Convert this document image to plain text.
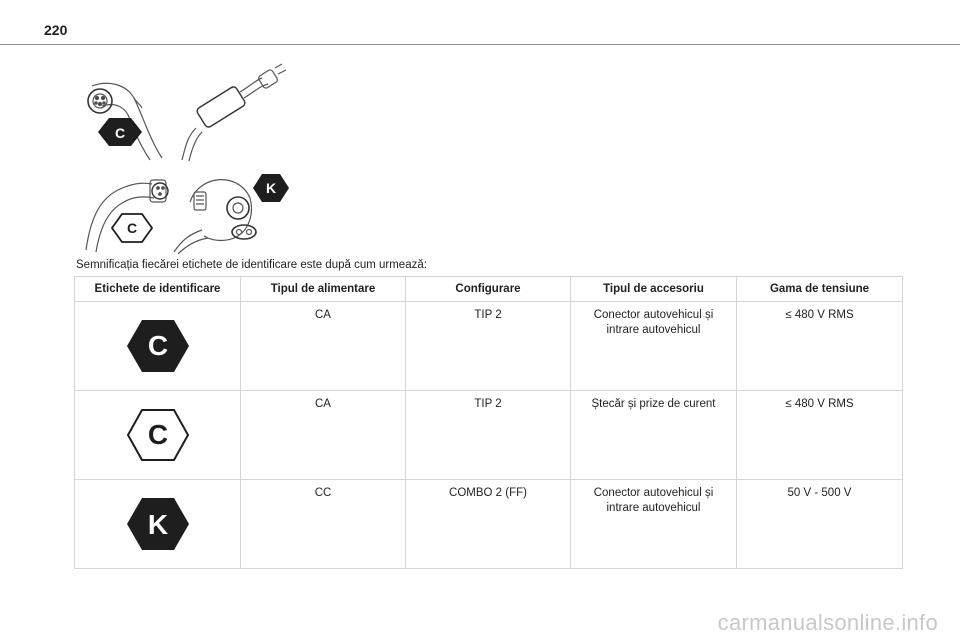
220
C
C
K
Semnificația fiecărei etichete de identificare este după cum urmează:
Etichete de identificare	Tipul de alimentare	Configurare	Tipul de accesoriu	Gama de tensiune

C	CA	TIP 2	Conector autovehicul și intrare autovehicul	≤ 480 V RMS

C	CA	TIP 2	Ștecăr și prize de curent	≤ 480 V RMS

K	CC	COMBO 2 (FF)	Conector autovehicul și intrare autovehicul	50 V - 500 V
carmanualsonline.info
